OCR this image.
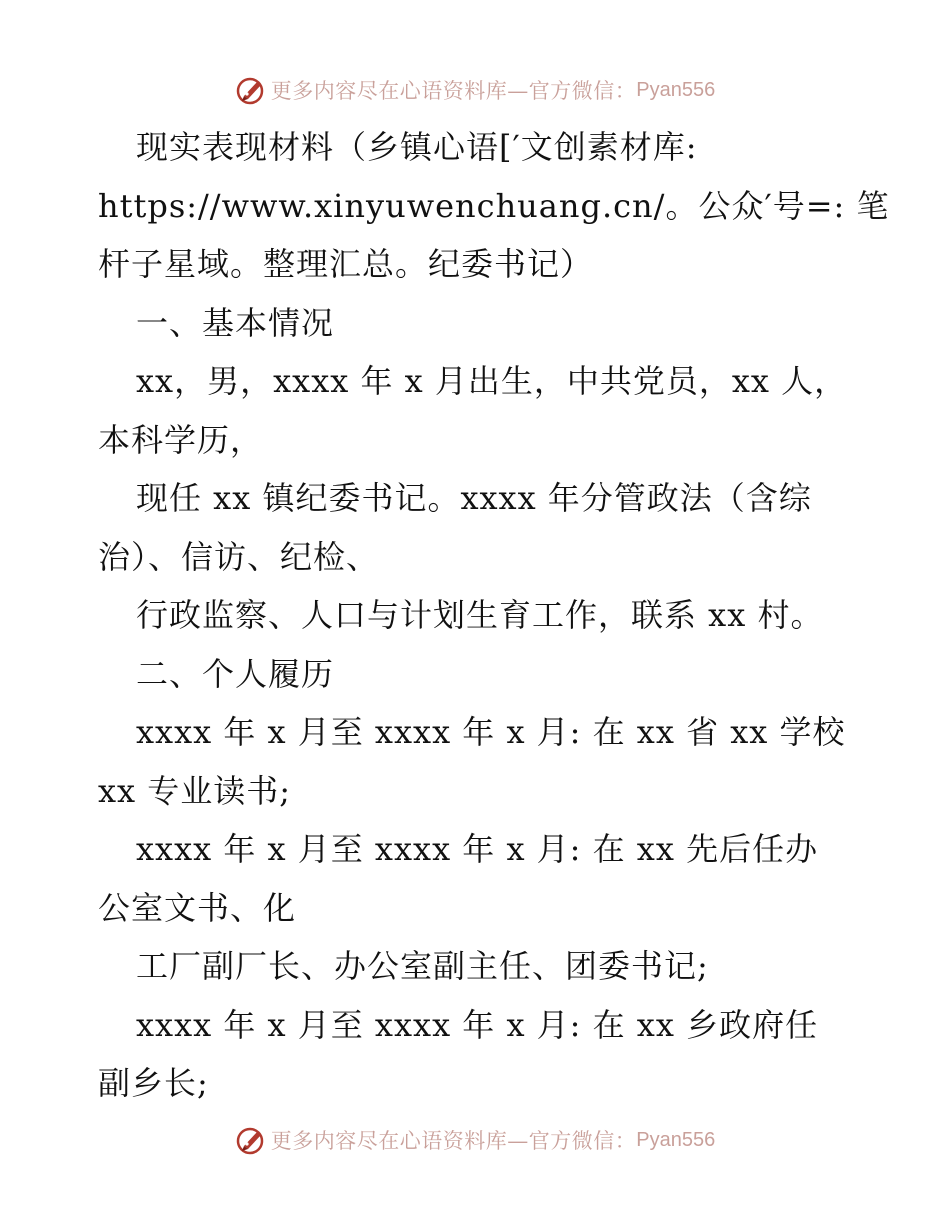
更多内容尽在心语资料库—官方微信： Pyan556
现实表现材料（乡镇心语[′文创素材库:
https://www.xinyuwenchuang.cn/。公众′号=: 笔
杆子星域。整理汇总。纪委书记）
一、基本情况
xx，男，xxxx 年 x 月出生，中共党员，xx 人，
本科学历，
现任 xx 镇纪委书记。xxxx 年分管政法（含综
治）、信访、纪检、
行政监察、人口与计划生育工作，联系 xx 村。
二、个人履历
xxxx 年 x 月至 xxxx 年 x 月: 在 xx 省 xx 学校
xx 专业读书;
xxxx 年 x 月至 xxxx 年 x 月: 在 xx 先后任办
公室文书、化
工厂副厂长、办公室副主任、团委书记;
xxxx 年 x 月至 xxxx 年 x 月: 在 xx 乡政府任
副乡长;
更多内容尽在心语资料库—官方微信： Pyan556
